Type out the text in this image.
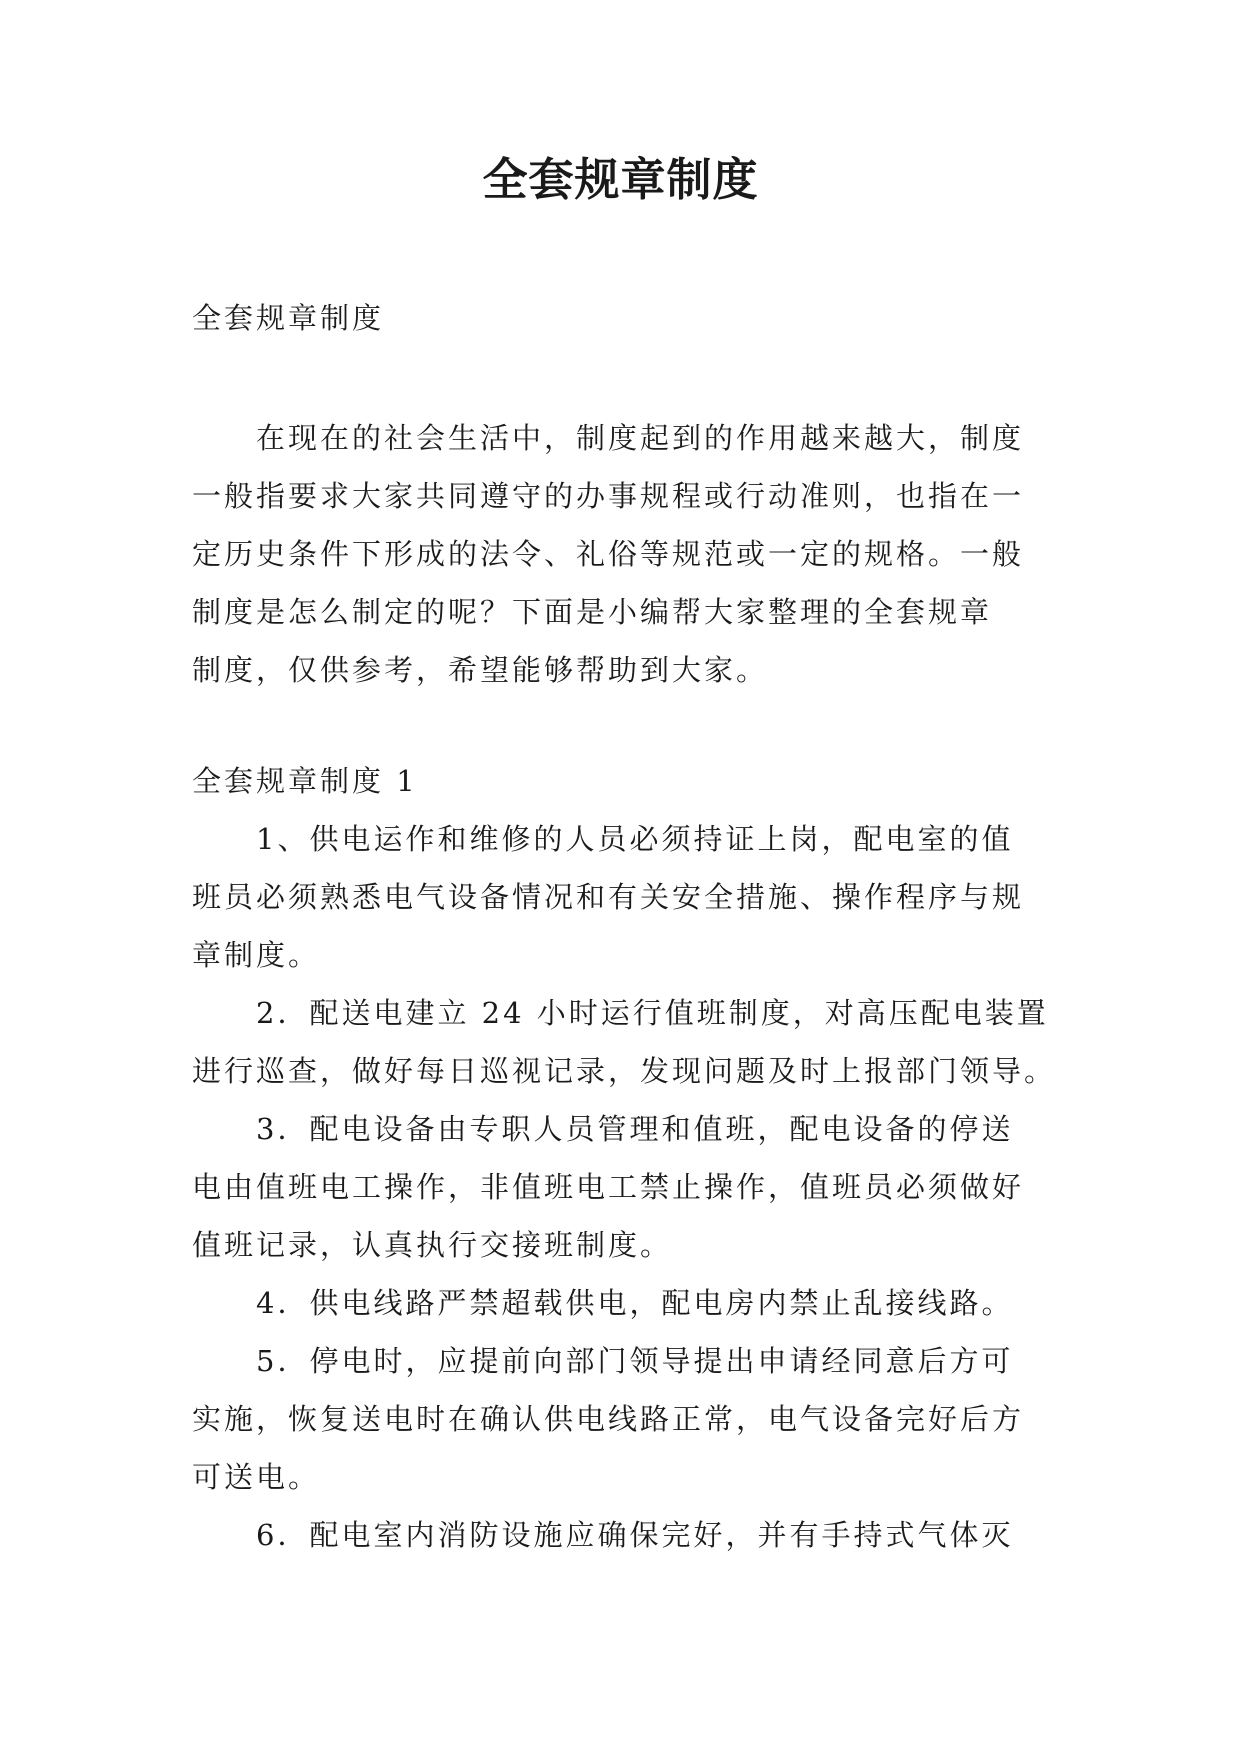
全套规章制度

全套规章制度

在现在的社会生活中，制度起到的作用越来越大，制度
一般指要求大家共同遵守的办事规程或行动准则，也指在一
定历史条件下形成的法令、礼俗等规范或一定的规格。一般
制度是怎么制定的呢？下面是小编帮大家整理的全套规章
制度，仅供参考，希望能够帮助到大家。

全套规章制度 1

1、供电运作和维修的人员必须持证上岗，配电室的值
班员必须熟悉电气设备情况和有关安全措施、操作程序与规
章制度。

2．配送电建立 24 小时运行值班制度，对高压配电装置
进行巡查，做好每日巡视记录，发现问题及时上报部门领导。

3．配电设备由专职人员管理和值班，配电设备的停送
电由值班电工操作，非值班电工禁止操作，值班员必须做好
值班记录，认真执行交接班制度。

4．供电线路严禁超载供电，配电房内禁止乱接线路。

5．停电时，应提前向部门领导提出申请经同意后方可
实施，恢复送电时在确认供电线路正常，电气设备完好后方
可送电。

6．配电室内消防设施应确保完好，并有手持式气体灭
